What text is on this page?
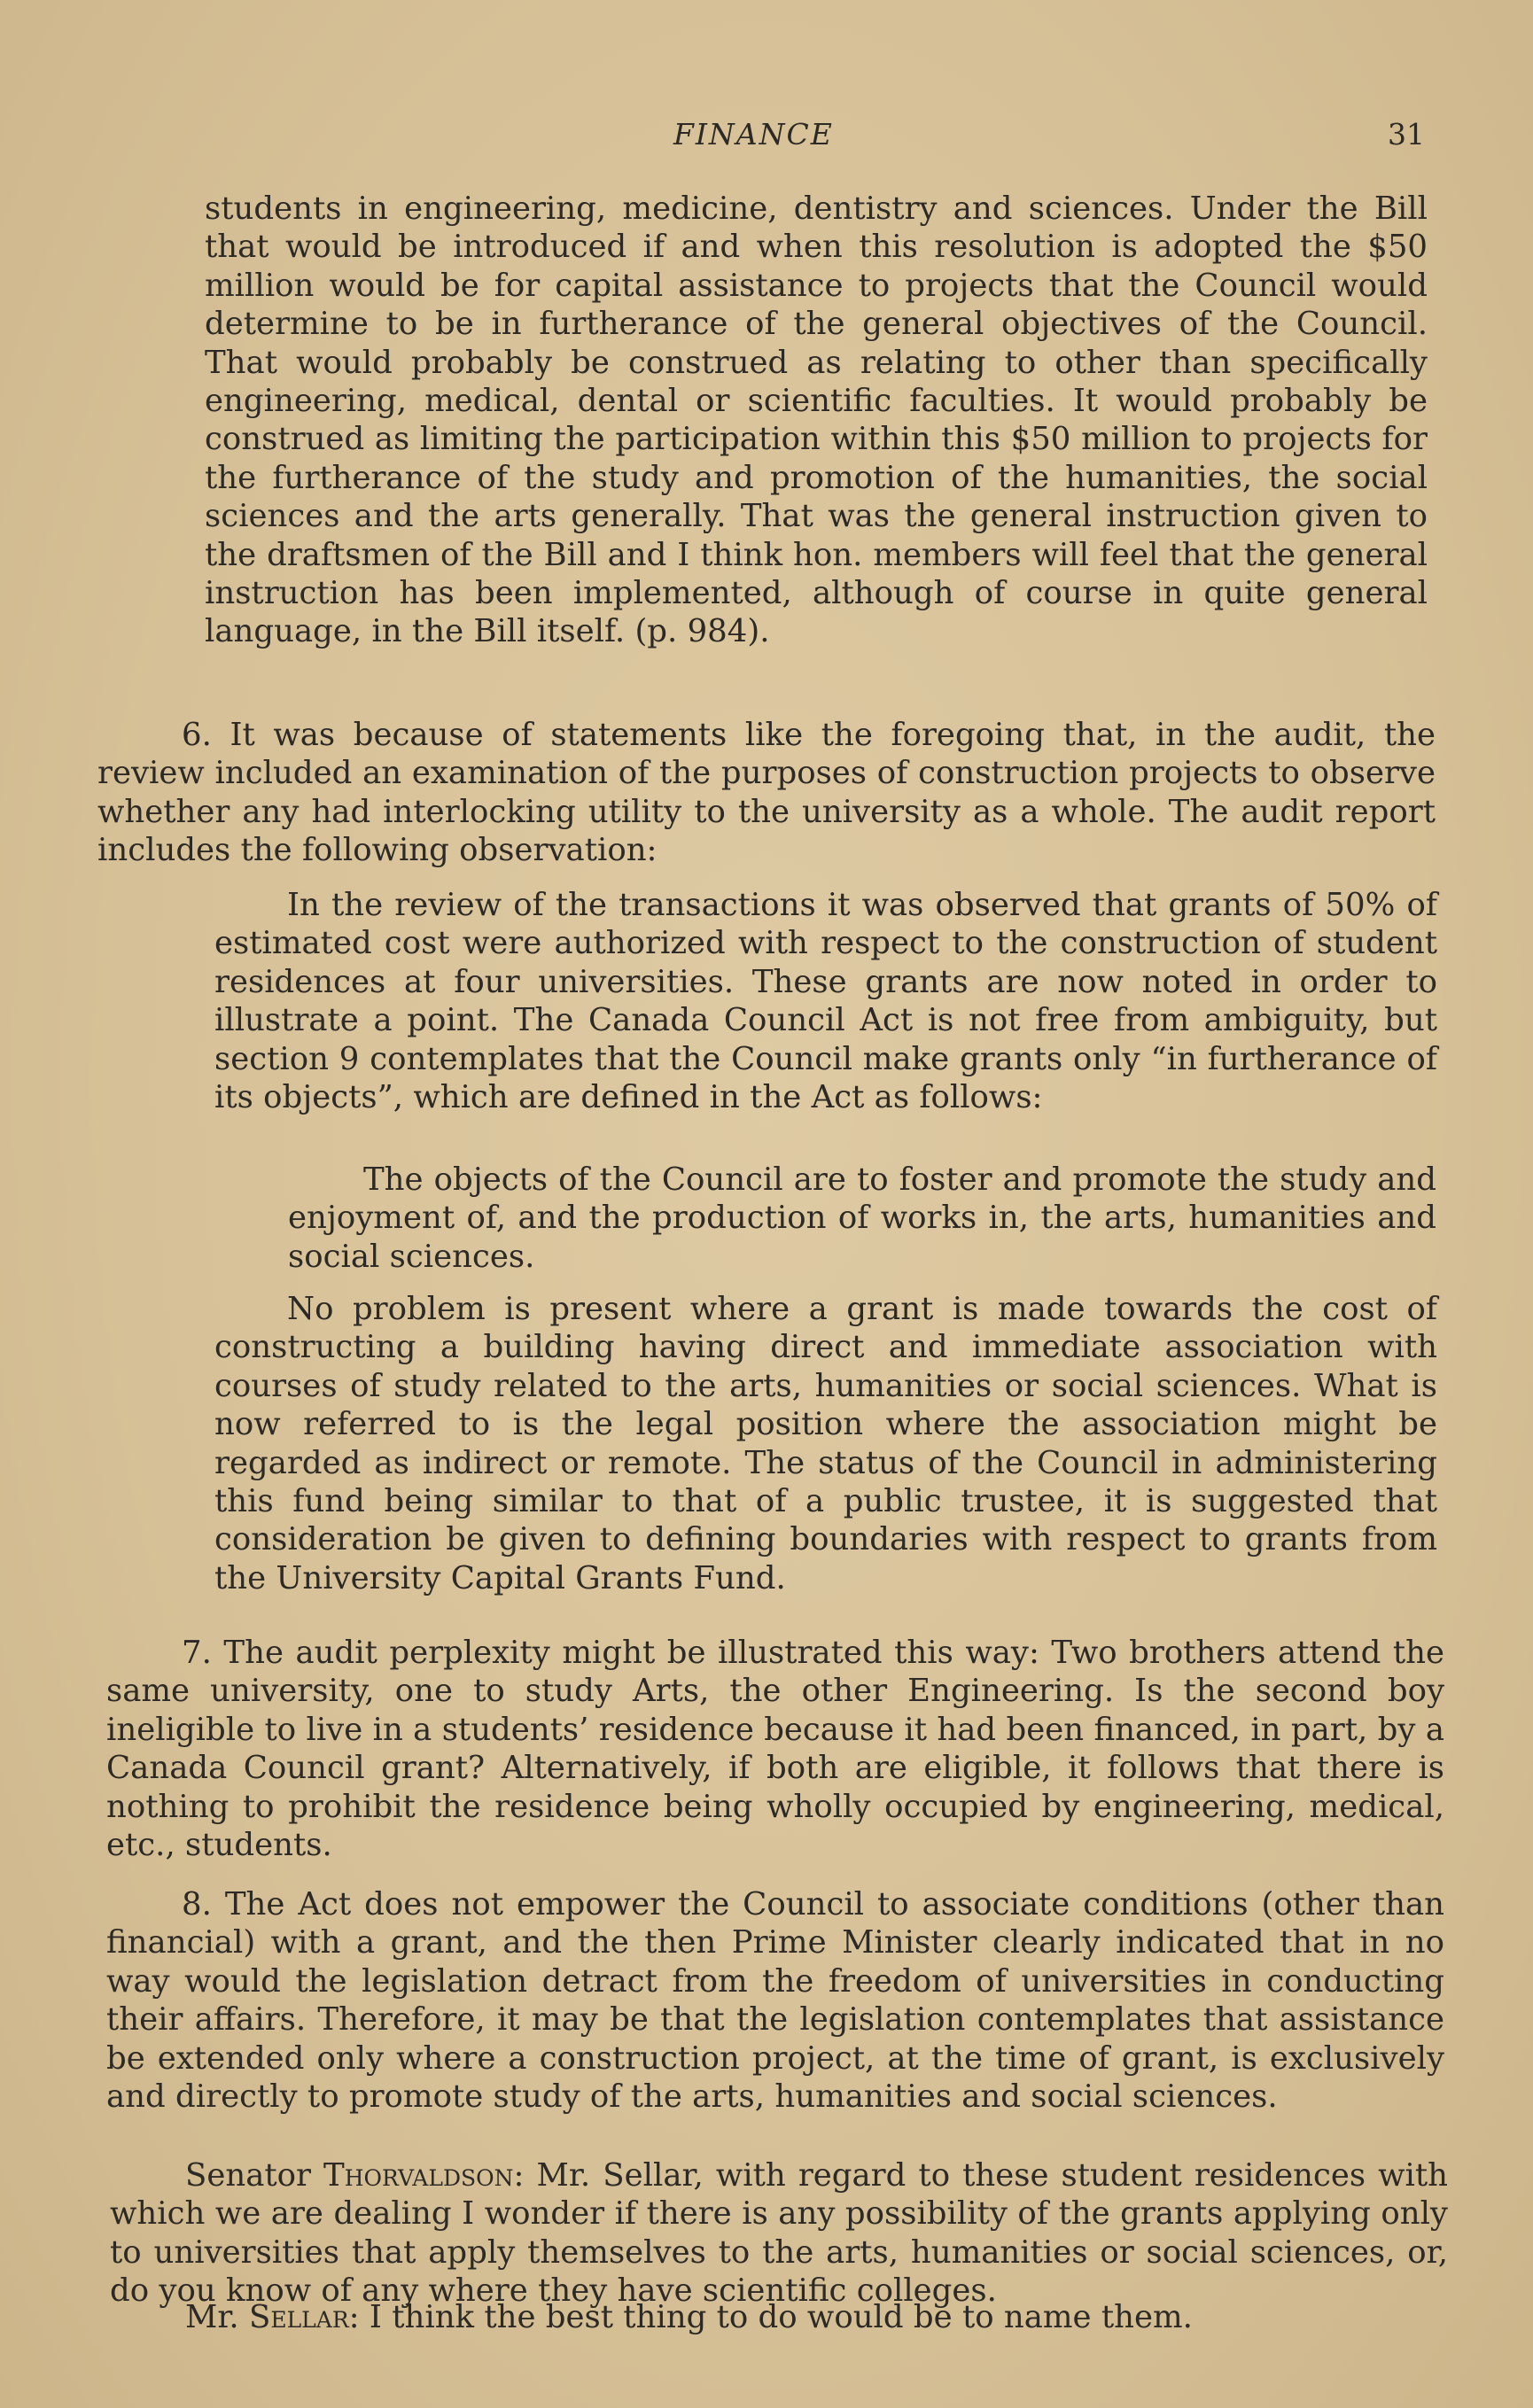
FINANCE	31

students in engineering, medicine, dentistry and sciences. Under the Bill that would be introduced if and when this resolution is adopted the $50 million would be for capital assistance to projects that the Council would determine to be in furtherance of the general objectives of the Council. That would probably be construed as relating to other than specifically engineering, medical, dental or scientific faculties. It would probably be construed as limiting the participation within this $50 million to projects for the furtherance of the study and promotion of the humanities, the social sciences and the arts generally. That was the general instruction given to the draftsmen of the Bill and I think hon. members will feel that the general instruction has been implemented, although of course in quite general language, in the Bill itself. (p. 984).

6. It was because of statements like the foregoing that, in the audit, the review included an examination of the purposes of construction projects to observe whether any had interlocking utility to the university as a whole. The audit report includes the following observation:

In the review of the transactions it was observed that grants of 50% of estimated cost were authorized with respect to the construction of student residences at four universities. These grants are now noted in order to illustrate a point. The Canada Council Act is not free from ambiguity, but section 9 contemplates that the Council make grants only “in furtherance of its objects”, which are defined in the Act as follows:

The objects of the Council are to foster and promote the study and enjoyment of, and the production of works in, the arts, humanities and social sciences.

No problem is present where a grant is made towards the cost of constructing a building having direct and immediate association with courses of study related to the arts, humanities or social sciences. What is now referred to is the legal position where the association might be regarded as indirect or remote. The status of the Council in administering this fund being similar to that of a public trustee, it is suggested that consideration be given to defining boundaries with respect to grants from the University Capital Grants Fund.

7. The audit perplexity might be illustrated this way: Two brothers attend the same university, one to study Arts, the other Engineering. Is the second boy ineligible to live in a students’ residence because it had been financed, in part, by a Canada Council grant? Alternatively, if both are eligible, it follows that there is nothing to prohibit the residence being wholly occupied by engineering, medical, etc., students.

8. The Act does not empower the Council to associate conditions (other than financial) with a grant, and the then Prime Minister clearly indicated that in no way would the legislation detract from the freedom of universities in conducting their affairs. Therefore, it may be that the legislation contemplates that assistance be extended only where a construction project, at the time of grant, is exclusively and directly to promote study of the arts, humanities and social sciences.

Senator Thorvaldson: Mr. Sellar, with regard to these student residences with which we are dealing I wonder if there is any possibility of the grants applying only to universities that apply themselves to the arts, humanities or social sciences, or, do you know of any where they have scientific colleges.

Mr. Sellar: I think the best thing to do would be to name them.
